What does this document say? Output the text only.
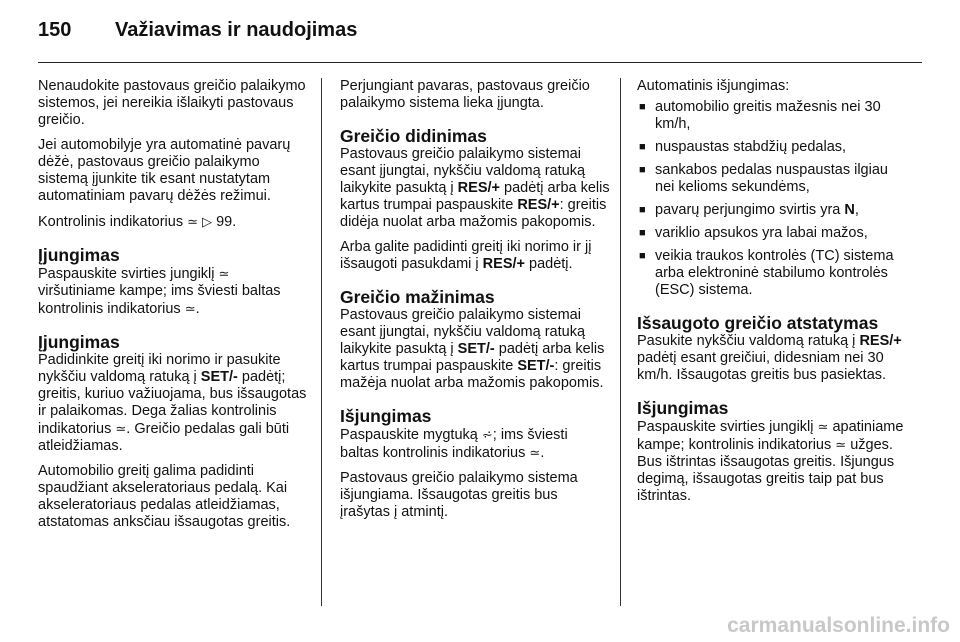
150 Važiavimas ir naudojimas

Nenaudokite pastovaus greičio palaikymo sistemos, jei nereikia išlaikyti pastovaus greičio.

Jei automobilyje yra automatinė pavarų dėžė, pastovaus greičio palaikymo sistemą įjunkite tik esant nustatytam automatiniam pavarų dėžės režimui.

Kontrolinis indikatorius ≃ ▷ 99.

Įjungimas

Paspauskite svirties jungiklį ≃ viršutiniame kampe; ims šviesti baltas kontrolinis indikatorius ≃.

Įjungimas

Padidinkite greitį iki norimo ir pasukite nykščiu valdomą ratuką į SET/- padėtį; greitis, kuriuo važiuojama, bus išsaugotas ir palaikomas. Dega žalias kontrolinis indikatorius ≃. Greičio pedalas gali būti atleidžiamas.

Automobilio greitį galima padidinti spaudžiant akseleratoriaus pedalą. Kai akseleratoriaus pedalas atleidžiamas, atstatomas anksčiau išsaugotas greitis.

Perjungiant pavaras, pastovaus greičio palaikymo sistema lieka įjungta.

Greičio didinimas

Pastovaus greičio palaikymo sistemai esant įjungtai, nykščiu valdomą ratuką laikykite pasuktą į RES/+ padėtį arba kelis kartus trumpai paspauskite RES/+: greitis didėja nuolat arba mažomis pakopomis.

Arba galite padidinti greitį iki norimo ir jį išsaugoti pasukdami į RES/+ padėtį.

Greičio mažinimas

Pastovaus greičio palaikymo sistemai esant įjungtai, nykščiu valdomą ratuką laikykite pasuktą į SET/- padėtį arba kelis kartus trumpai paspauskite SET/-: greitis mažėja nuolat arba mažomis pakopomis.

Išjungimas

Paspauskite mygtuką ⩫; ims šviesti baltas kontrolinis indikatorius ≃.

Pastovaus greičio palaikymo sistema išjungiama. Išsaugotas greitis bus įrašytas į atmintį.

Automatinis išjungimas:

■ automobilio greitis mažesnis nei 30 km/h,
■ nuspaustas stabdžių pedalas,
■ sankabos pedalas nuspaustas ilgiau nei kelioms sekundėms,
■ pavarų perjungimo svirtis yra N,
■ variklio apsukos yra labai mažos,
■ veikia traukos kontrolės (TC) sistema arba elektroninė stabilumo kontrolės (ESC) sistema.
Išsaugoto greičio atstatymas

Pasukite nykščiu valdomą ratuką į RES/+ padėtį esant greičiui, didesniam nei 30 km/h. Išsaugotas greitis bus pasiektas.

Išjungimas

Paspauskite svirties jungiklį ≃ apatiniame kampe; kontrolinis indikatorius ≃ užges. Bus ištrintas išsaugotas greitis. Išjungus degimą, išsaugotas greitis taip pat bus ištrintas.

carmanualsonline.info
